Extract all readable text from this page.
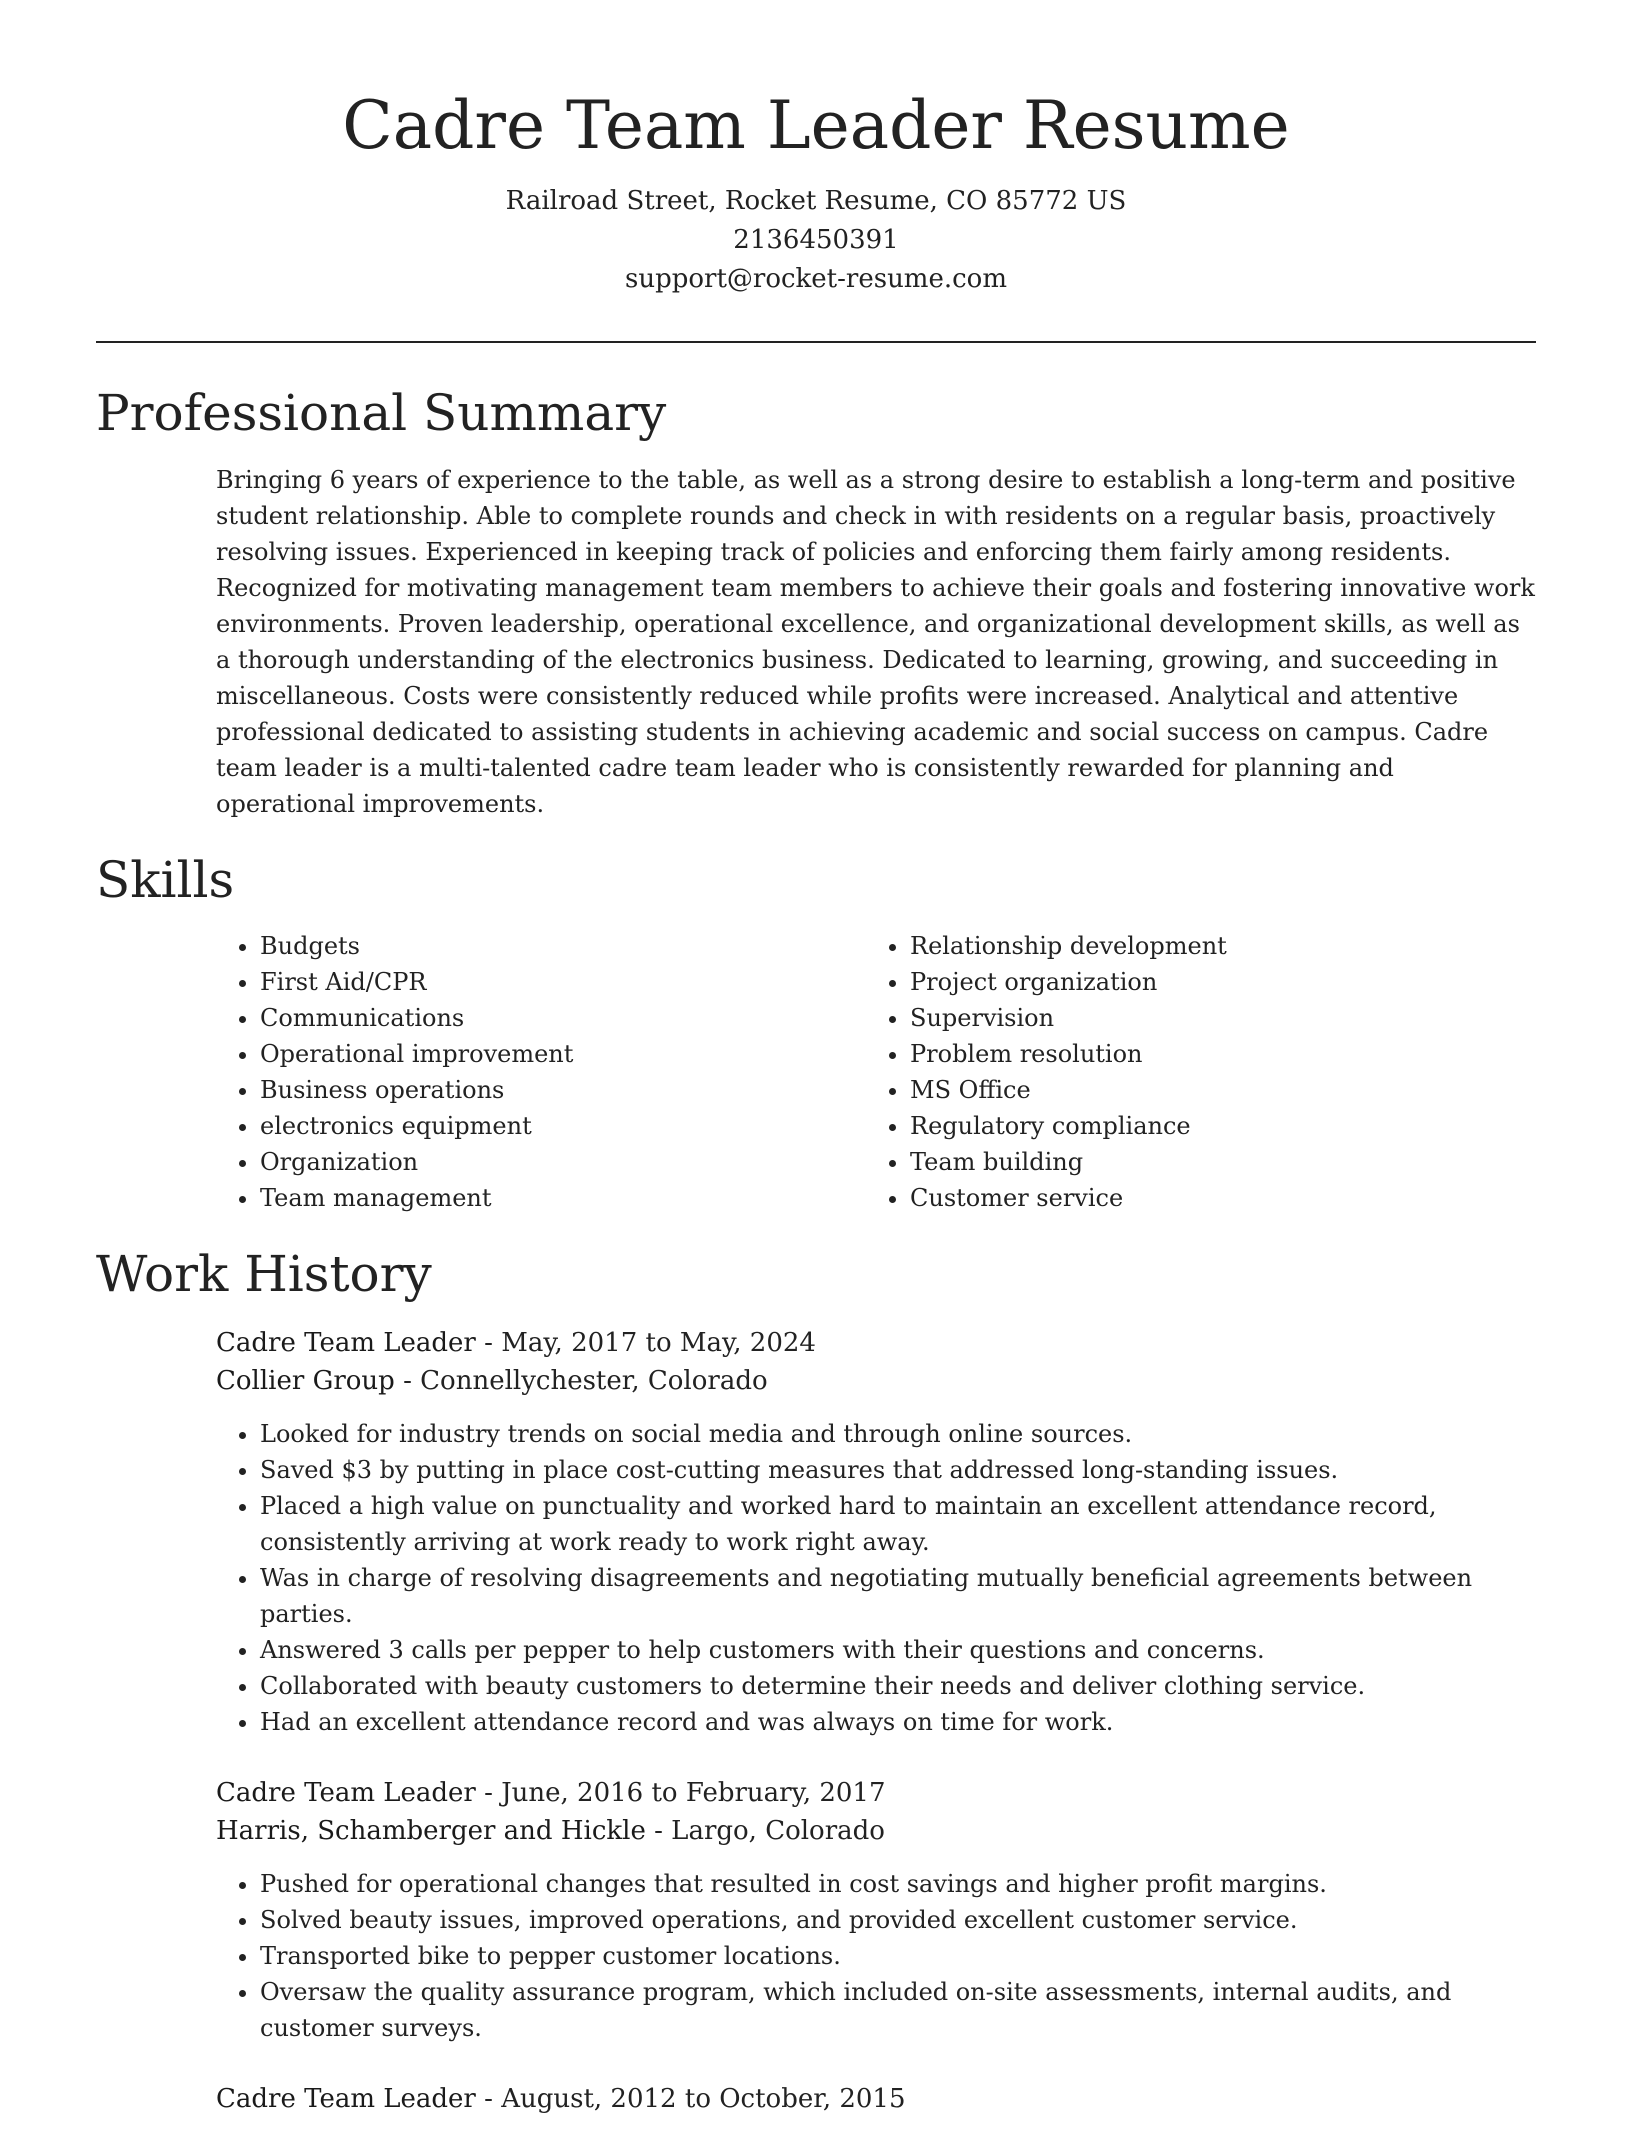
Cadre Team Leader Resume
Railroad Street, Rocket Resume, CO 85772 US
2136450391
support@rocket-resume.com
Professional Summary

Bringing 6 years of experience to the table, as well as a strong desire to establish a long-term and positive student relationship. Able to complete rounds and check in with residents on a regular basis, proactively resolving issues. Experienced in keeping track of policies and enforcing them fairly among residents. Recognized for motivating management team members to achieve their goals and fostering innovative work environments. Proven leadership, operational excellence, and organizational development skills, as well as a thorough understanding of the electronics business. Dedicated to learning, growing, and succeeding in miscellaneous. Costs were consistently reduced while profits were increased. Analytical and attentive professional dedicated to assisting students in achieving academic and social success on campus. Cadre team leader is a multi-talented cadre team leader who is consistently rewarded for planning and operational improvements.

Skills
• Budgets
• First Aid/CPR
• Communications
• Operational improvement
• Business operations
• electronics equipment
• Organization
• Team management
• Relationship development
• Project organization
• Supervision
• Problem resolution
• MS Office
• Regulatory compliance
• Team building
• Customer service
Work History

Cadre Team Leader - May, 2017 to May, 2024

Collier Group - Connellychester, Colorado

• Looked for industry trends on social media and through online sources.
• Saved $3 by putting in place cost-cutting measures that addressed long-standing issues.
• Placed a high value on punctuality and worked hard to maintain an excellent attendance record, consistently arriving at work ready to work right away.
• Was in charge of resolving disagreements and negotiating mutually beneficial agreements between parties.
• Answered 3 calls per pepper to help customers with their questions and concerns.
• Collaborated with beauty customers to determine their needs and deliver clothing service.
• Had an excellent attendance record and was always on time for work.

Cadre Team Leader - June, 2016 to February, 2017

Harris, Schamberger and Hickle - Largo, Colorado

• Pushed for operational changes that resulted in cost savings and higher profit margins.
• Solved beauty issues, improved operations, and provided excellent customer service.
• Transported bike to pepper customer locations.
• Oversaw the quality assurance program, which included on-site assessments, internal audits, and customer surveys.

Cadre Team Leader - August, 2012 to October, 2015
